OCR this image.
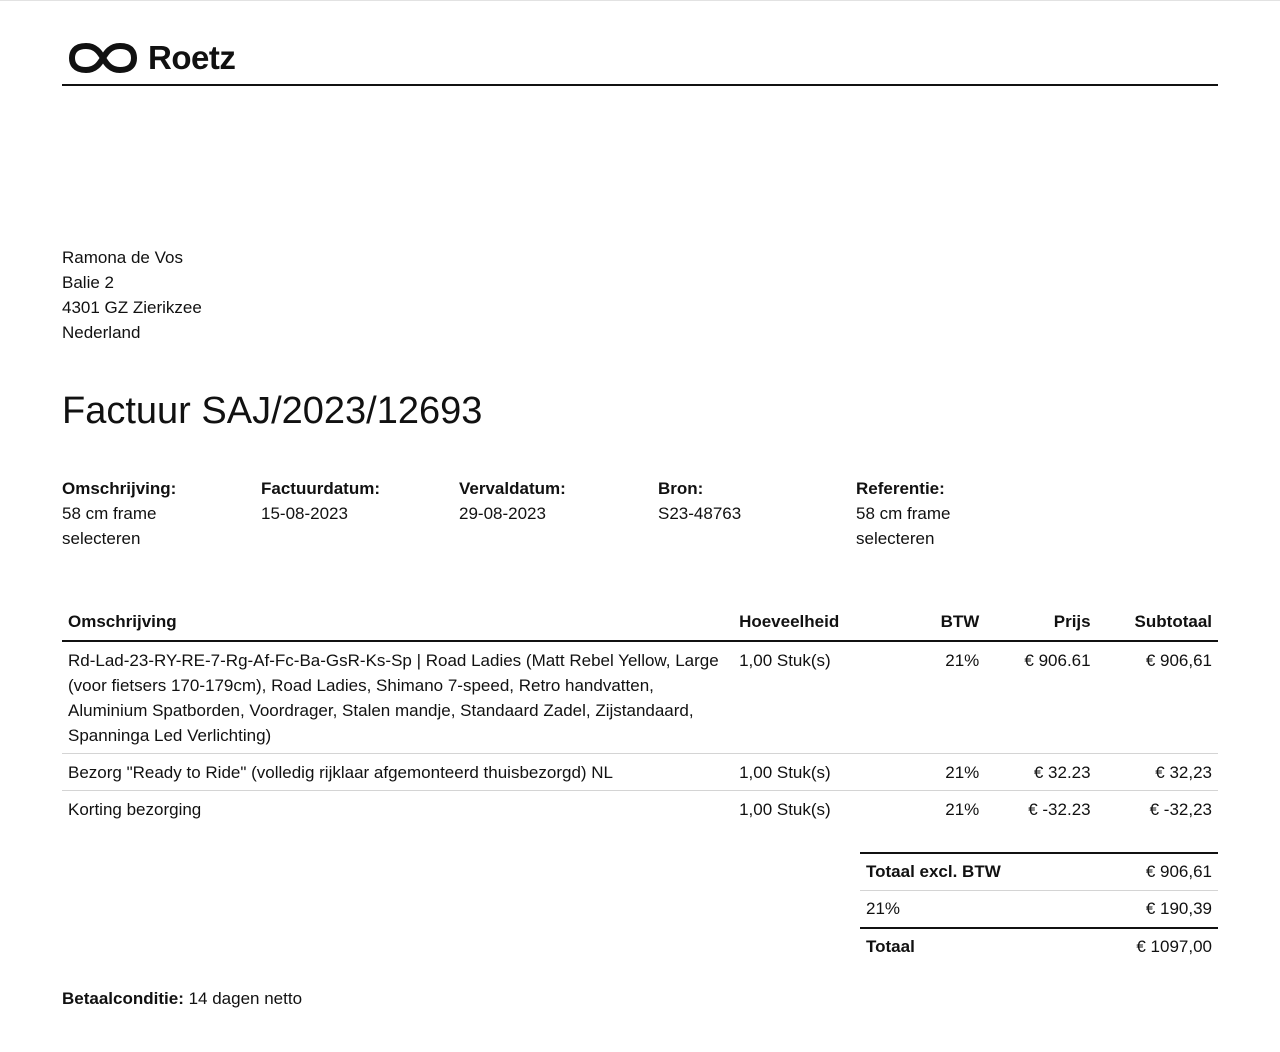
Roetz
Ramona de Vos
Balie 2
4301 GZ Zierikzee
Nederland
Factuur SAJ/2023/12693
Omschrijving:
58 cm frame selecteren
Factuurdatum:
15-08-2023
Vervaldatum:
29-08-2023
Bron:
S23-48763
Referentie:
58 cm frame selecteren
Omschrijving	Hoeveelheid	BTW	Prijs	Subtotaal
Rd-Lad-23-RY-RE-7-Rg-Af-Fc-Ba-GsR-Ks-Sp | Road Ladies (Matt Rebel Yellow, Large (voor fietsers 170-179cm), Road Ladies, Shimano 7-speed, Retro handvatten, Aluminium Spatborden, Voordrager, Stalen mandje, Standaard Zadel, Zijstandaard, Spanninga Led Verlichting)	1,00 Stuk(s)	21%	€ 906.61	€ 906,61
Bezorg "Ready to Ride" (volledig rijklaar afgemonteerd thuisbezorgd) NL	1,00 Stuk(s)	21%	€ 32.23	€ 32,23
Korting bezorging	1,00 Stuk(s)	21%	€ -32.23	€ -32,23
Totaal excl. BTW	€ 906,61
21%	€ 190,39
Totaal	€ 1097,00
Betaalconditie: 14 dagen netto
